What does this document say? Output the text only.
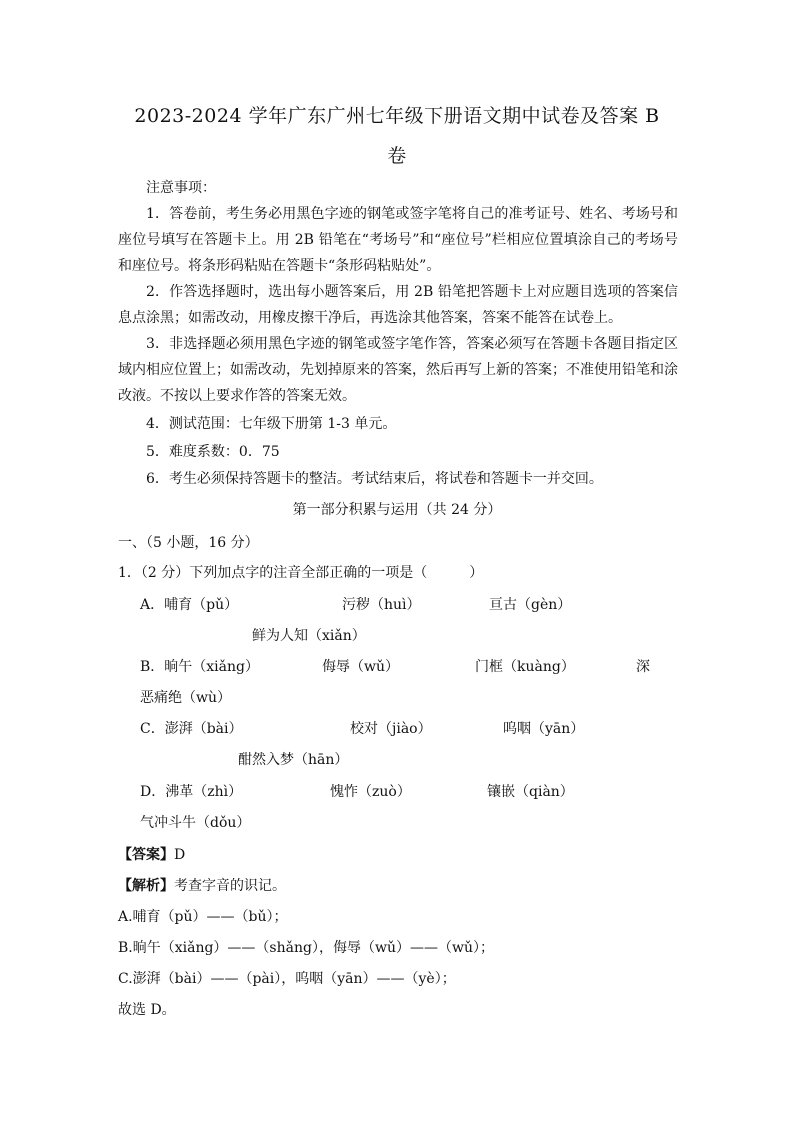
2023-2024 学年广东广州七年级下册语文期中试卷及答案 B
卷
注意事项：
1．答卷前，考生务必用黑色字迹的钢笔或签字笔将自己的准考证号、姓名、考场号和座位号填写在答题卡上。用 2B 铅笔在“考场号”和“座位号”栏相应位置填涂自己的考场号和座位号。将条形码粘贴在答题卡“条形码粘贴处”。
2．作答选择题时，选出每小题答案后，用 2B 铅笔把答题卡上对应题目选项的答案信息点涂黑；如需改动，用橡皮擦干净后，再选涂其他答案，答案不能答在试卷上。
3．非选择题必须用黑色字迹的钢笔或签字笔作答，答案必须写在答题卡各题目指定区域内相应位置上；如需改动，先划掉原来的答案，然后再写上新的答案；不准使用铅笔和涂改液。不按以上要求作答的答案无效。
4．测试范围：七年级下册第 1-3 单元。
5．难度系数：0．75
6．考生必须保持答题卡的整洁。考试结束后，将试卷和答题卡一并交回。
第一部分积累与运用（共 24 分）
一、（5 小题，16 分）
1．（2 分）下列加点字的注音全部正确的一项是（　　　）
A．哺育（pǔ）	污秽（huì）	亘古（gèn）
鲜为人知（xiǎn）
B．晌午（xiǎng）	侮辱（wǔ）	门框（kuàng）	深
恶痛绝（wù）
C．澎湃（bài）	校对（jiào）	呜咽（yān）
酣然入梦（hān）
D．沸革（zhì）	愧怍（zuò）	镶嵌（qiàn）
气冲斗牛（dǒu）
【答案】D
【解析】考查字音的识记。
A.哺育（pǔ）——（bǔ）；
B.晌午（xiǎng）——（shǎng），侮辱（wǔ）——（wǔ）；
C.澎湃（bài）——（pài），呜咽（yān）——（yè）；
故选 D。
